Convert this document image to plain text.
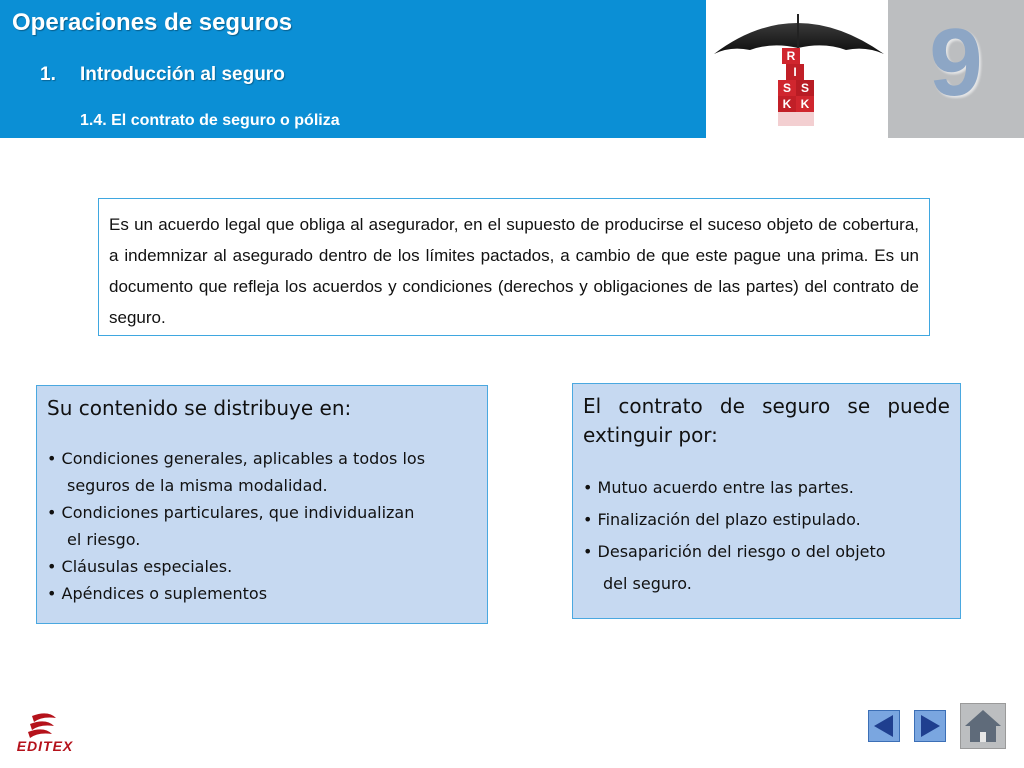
Operaciones de seguros
1. Introducción al seguro
1.4. El contrato de seguro o póliza
R
I
S S
K K	9
Es un acuerdo legal que obliga al asegurador, en el supuesto de producirse el suceso objeto de cobertura, a indemnizar al asegurado dentro de los límites pactados, a cambio de que este pague una prima. Es un documento que refleja los acuerdos y condiciones (derechos y obligaciones de las partes) del contrato de seguro.
Su contenido se distribuye en:
• Condiciones generales, aplicables a todos los
seguros de la misma modalidad.
• Condiciones particulares, que individualizan
el riesgo.
• Cláusulas especiales.
• Apéndices o suplementos
El contrato de seguro se puede extinguir por:
• Mutuo acuerdo entre las partes.
• Finalización del plazo estipulado.
• Desaparición del riesgo o del objeto
del seguro.
EDITEX
